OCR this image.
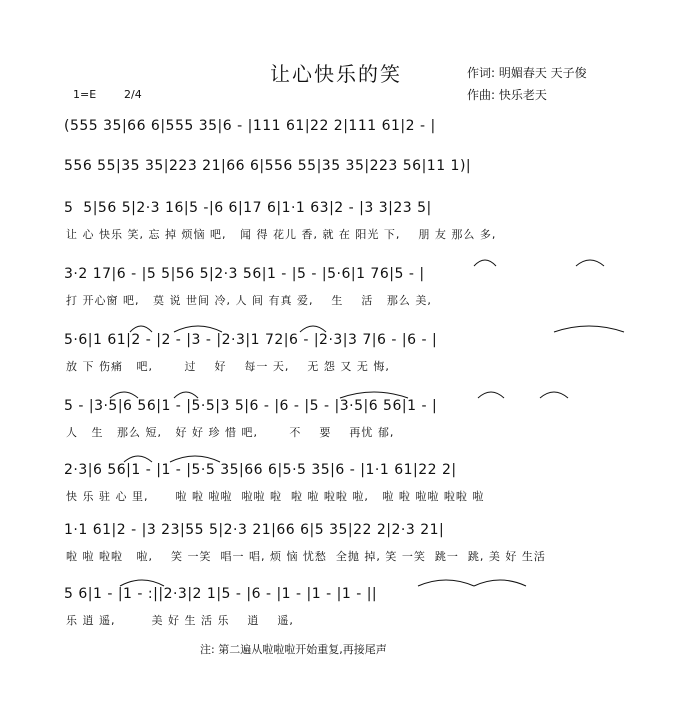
让心快乐的笑	作词: 明媚春天 天子俊
作曲: 快乐老天
1=E	2/4
(555 35|66 6|555 35|6 - |111 61|22 2|111 61|2 - |
556 55|35 35|223 21|66 6|556 55|35 35|223 56|11 1)|
5  5|56 5|2·3 16|5 -|6 6|17 6|1·1 63|2 - |3 3|23 5|
让 心 快乐 笑, 忘 掉 烦恼 吧,   闻 得 花儿 香, 就 在 阳光 下,    朋 友 那么 多,
3·2 17|6 - |5 5|56 5|2·3 56|1 - |5 - |5·6|1 76|5 - |
打 开心窗 吧,   莫 说 世间 冷, 人 间 有真 爱,    生    活   那么 美,
5·6|1 61|2 - |2 - |3 - |2·3|1 72|6 - |2·3|3 7|6 - |6 - |
放 下 伤痛   吧,       过    好    每一 天,    无 怨 又 无 悔,
5 - |3·5|6 56|1 - |5·5|3 5|6 - |6 - |5 - |3·5|6 56|1 - |
人   生   那么 短,   好 好 珍 惜 吧,       不    要    再忧 郁,
2·3|6 56|1 - |1 - |5·5 35|66 6|5·5 35|6 - |1·1 61|22 2|
快 乐 驻 心 里,      啦 啦 啦啦  啦啦 啦  啦 啦 啦啦 啦,   啦 啦 啦啦 啦啦 啦
1·1 61|2 - |3 23|55 5|2·3 21|66 6|5 35|22 2|2·3 21|
啦 啦 啦啦   啦,    笑 一笑  唱一 唱, 烦 恼 忧愁  全抛 掉, 笑 一笑  跳一  跳, 美 好 生活
5 6|1 - |1 - :||2·3|2 1|5 - |6 - |1 - |1 - |1 - ||
乐 逍 遥,        美 好 生 活 乐    逍    遥,
注: 第二遍从啦啦啦开始重复,再接尾声
